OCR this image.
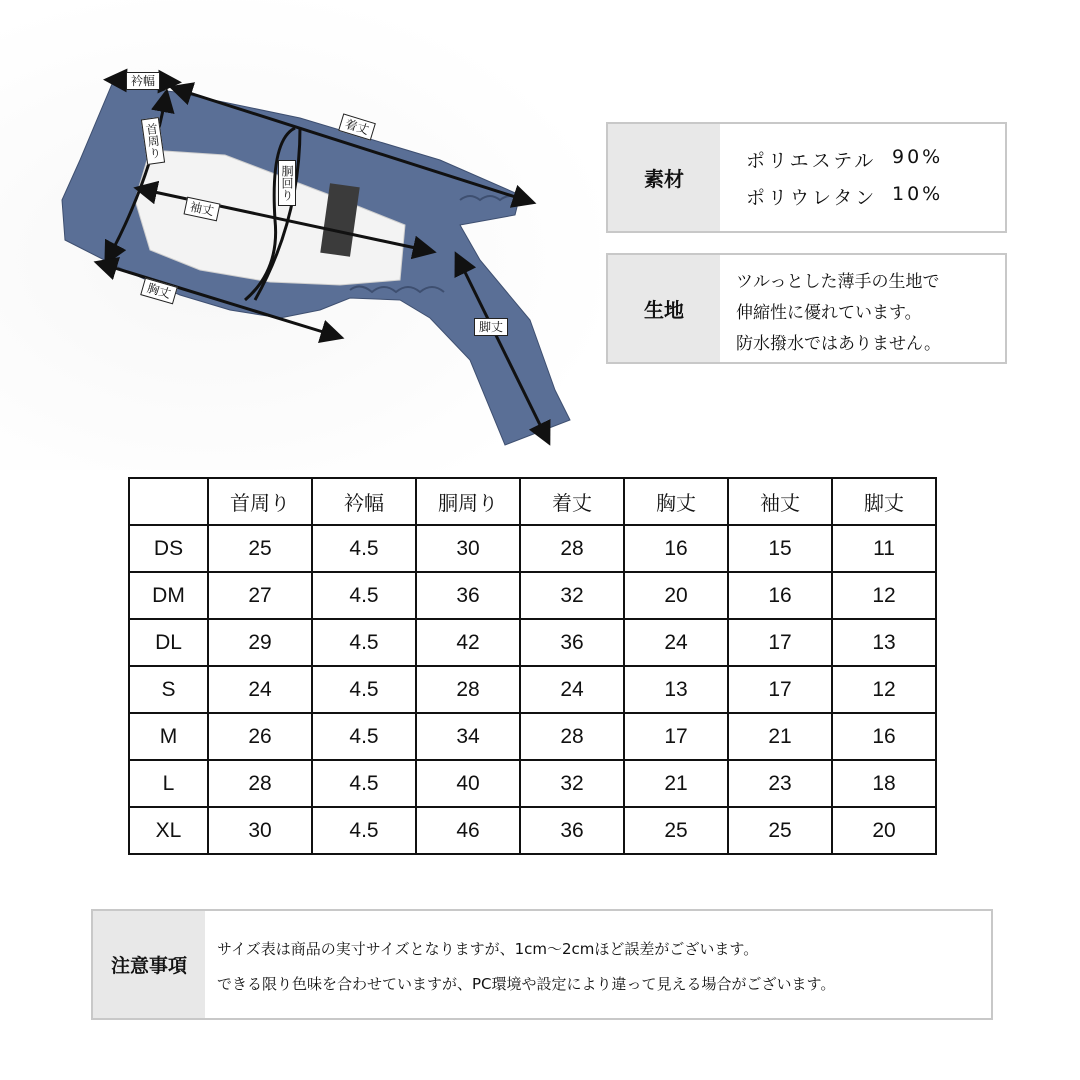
衿幅
着丈
首周り
胴回り
袖丈
胸丈
脚丈
素材
ポリエステル 90%
ポリウレタン 10%
生地
ツルっとした薄手の生地で
伸縮性に優れています。
防水撥水ではありません。
	首周り	衿幅	胴周り	着丈	胸丈	袖丈	脚丈
DS	25	4.5	30	28	16	15	11
DM	27	4.5	36	32	20	16	12
DL	29	4.5	42	36	24	17	13
S	24	4.5	28	24	13	17	12
M	26	4.5	34	28	17	21	16
L	28	4.5	40	32	21	23	18
XL	30	4.5	46	36	25	25	20
注意事項
サイズ表は商品の実寸サイズとなりますが、1cm〜2cmほど誤差がございます。
できる限り色味を合わせていますが、PC環境や設定により違って見える場合がございます。
